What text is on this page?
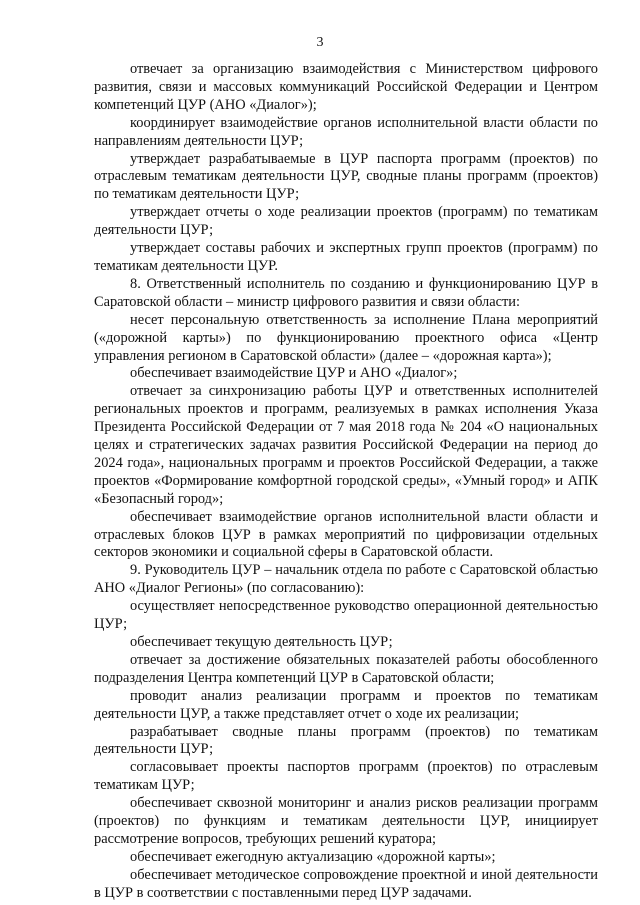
3

отвечает за организацию взаимодействия с Министерством цифрового развития, связи и массовых коммуникаций Российской Федерации и Центром компетенций ЦУР (АНО «Диалог»);

координирует взаимодействие органов исполнительной власти области по направлениям деятельности ЦУР;

утверждает разрабатываемые в ЦУР паспорта программ (проектов) по отраслевым тематикам деятельности ЦУР, сводные планы программ (проектов) по тематикам деятельности ЦУР;

утверждает отчеты о ходе реализации проектов (программ) по тематикам деятельности ЦУР;

утверждает составы рабочих и экспертных групп проектов (программ) по тематикам деятельности ЦУР.

8. Ответственный исполнитель по созданию и функционированию ЦУР в Саратовской области – министр цифрового развития и связи области:

несет персональную ответственность за исполнение Плана мероприятий («дорожной карты») по функционированию проектного офиса «Центр управления регионом в Саратовской области» (далее – «дорожная карта»);

обеспечивает взаимодействие ЦУР и АНО «Диалог»;

отвечает за синхронизацию работы ЦУР и ответственных исполнителей региональных проектов и программ, реализуемых в рамках исполнения Указа Президента Российской Федерации от 7 мая 2018 года № 204 «О национальных целях и стратегических задачах развития Российской Федерации на период до 2024 года», национальных программ и проектов Российской Федерации, а также проектов «Формирование комфортной городской среды», «Умный город» и АПК «Безопасный город»;

обеспечивает взаимодействие органов исполнительной власти области и отраслевых блоков ЦУР в рамках мероприятий по цифровизации отдельных секторов экономики и социальной сферы в Саратовской области.

9. Руководитель ЦУР – начальник отдела по работе с Саратовской областью АНО «Диалог Регионы» (по согласованию):

осуществляет непосредственное руководство операционной деятельностью ЦУР;

обеспечивает текущую деятельность ЦУР;

отвечает за достижение обязательных показателей работы обособленного подразделения Центра компетенций ЦУР в Саратовской области;

проводит анализ реализации программ и проектов по тематикам деятельности ЦУР, а также представляет отчет о ходе их реализации;

разрабатывает сводные планы программ (проектов) по тематикам деятельности ЦУР;

согласовывает проекты паспортов программ (проектов) по отраслевым тематикам ЦУР;

обеспечивает сквозной мониторинг и анализ рисков реализации программ (проектов) по функциям и тематикам деятельности ЦУР, инициирует рассмотрение вопросов, требующих решений куратора;

обеспечивает ежегодную актуализацию «дорожной карты»;

обеспечивает методическое сопровождение проектной и иной деятельности в ЦУР в соответствии с поставленными перед ЦУР задачами.
